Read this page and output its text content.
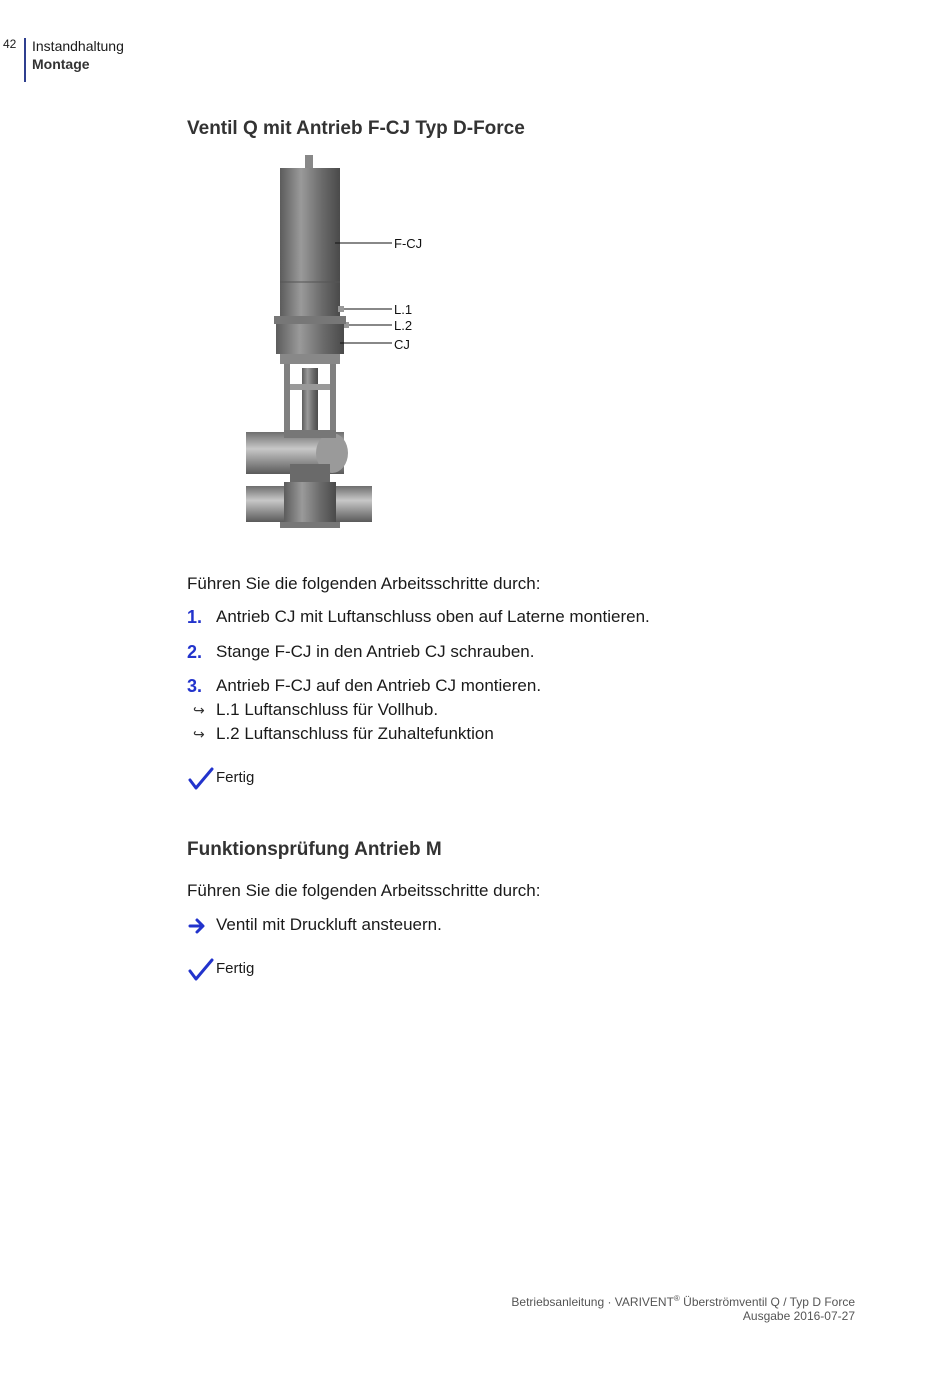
42 Instandhaltung
Montage
Ventil Q mit Antrieb F-CJ Typ D-Force
F-CJ
L.1
L.2
CJ
Führen Sie die folgenden Arbeitsschritte durch:
1. Antrieb CJ mit Luftanschluss oben auf Laterne montieren.
2. Stange F-CJ in den Antrieb CJ schrauben.
3. Antrieb F-CJ auf den Antrieb CJ montieren.
↪ L.1 Luftanschluss für Vollhub.
↪ L.2 Luftanschluss für Zuhaltefunktion
Fertig
Funktionsprüfung Antrieb M
Führen Sie die folgenden Arbeitsschritte durch:
Ventil mit Druckluft ansteuern.
Fertig
Betriebsanleitung · VARIVENT® Überströmventil Q / Typ D Force
Ausgabe 2016-07-27
